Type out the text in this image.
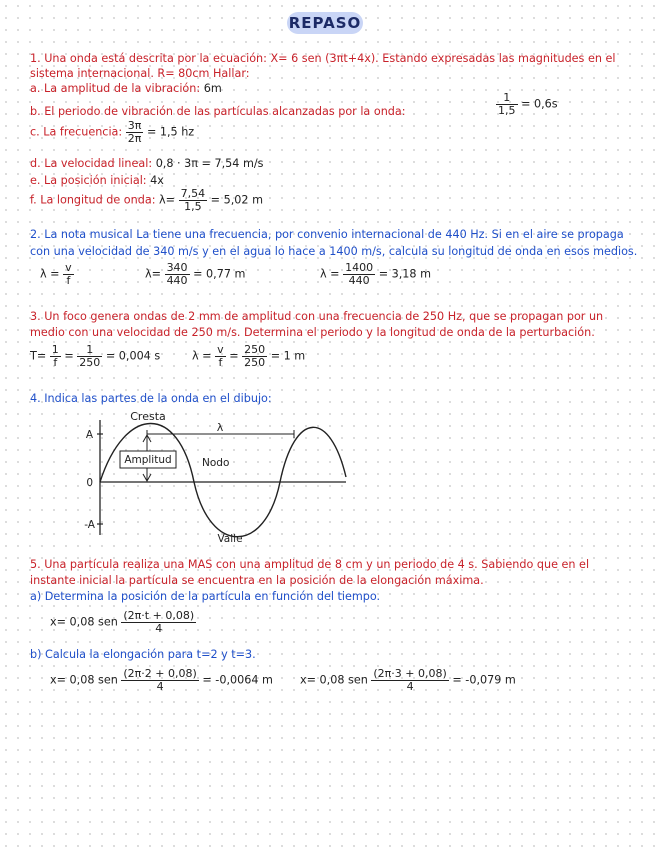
REPASO
1. Una onda está descrita por la ecuación: X= 6 sen (3πt+4x). Estando expresadas las magnitudes en el
sistema internacional. R= 80cm Hallar:
a. La amplitud de la vibración: 6m
b. El periodo de vibración de las partículas alcanzadas por la onda:	$\frac{1}{1,5} = 0,6s$
c. La frecuencia: $\frac{3\pi}{2\pi} = 1,5$ hz
d. La velocidad lineal: 0,8 · 3π = 7,54 m/s
e. La posición inicial: 4x
f. La longitud de onda: $\lambda= \frac{7,54}{1,5} = 5,02$ m
2. La nota musical La tiene una frecuencia, por convenio internacional de 440 Hz. Si en el aire se propaga
con una velocidad de 340 m/s y en el agua lo hace a 1400 m/s, calcula su longitud de onda en esos medios.
$\lambda = \frac{v}{f}$	$\lambda= \frac{340}{440} = 0,77$ m	$\lambda = \frac{1400}{440} = 3,18$ m
3. Un foco genera ondas de 2 mm de amplitud con una frecuencia de 250 Hz, que se propagan por un
medio con una velocidad de 250 m/s. Determina el periodo y la longitud de onda de la perturbación.
$T= \frac{1}{f} = \frac{1}{250} = 0,004$ s	$\lambda = \frac{v}{f} = \frac{250}{250} = 1$ m
4. Indica las partes de la onda en el dibujo:
Amplitud
Cresta
λ
Nodo
Valle
A
0
-A
5. Una partícula realiza una MAS con una amplitud de 8 cm y un periodo de 4 s. Sabiendo que en el
instante inicial la partícula se encuentra en la posición de la elongación máxima.
a) Determina la posición de la partícula en función del tiempo.
x= 0,08 sen $\frac{(2\pi\cdot t + 0,08)}{4}$
b) Calcula la elongación para t=2 y t=3.
x= 0,08 sen $\frac{(2\pi\cdot 2 + 0,08)}{4} = -0,0064$ m x= 0,08 sen $\frac{(2\pi\cdot 3 + 0,08)}{4} = -0,079$ m
